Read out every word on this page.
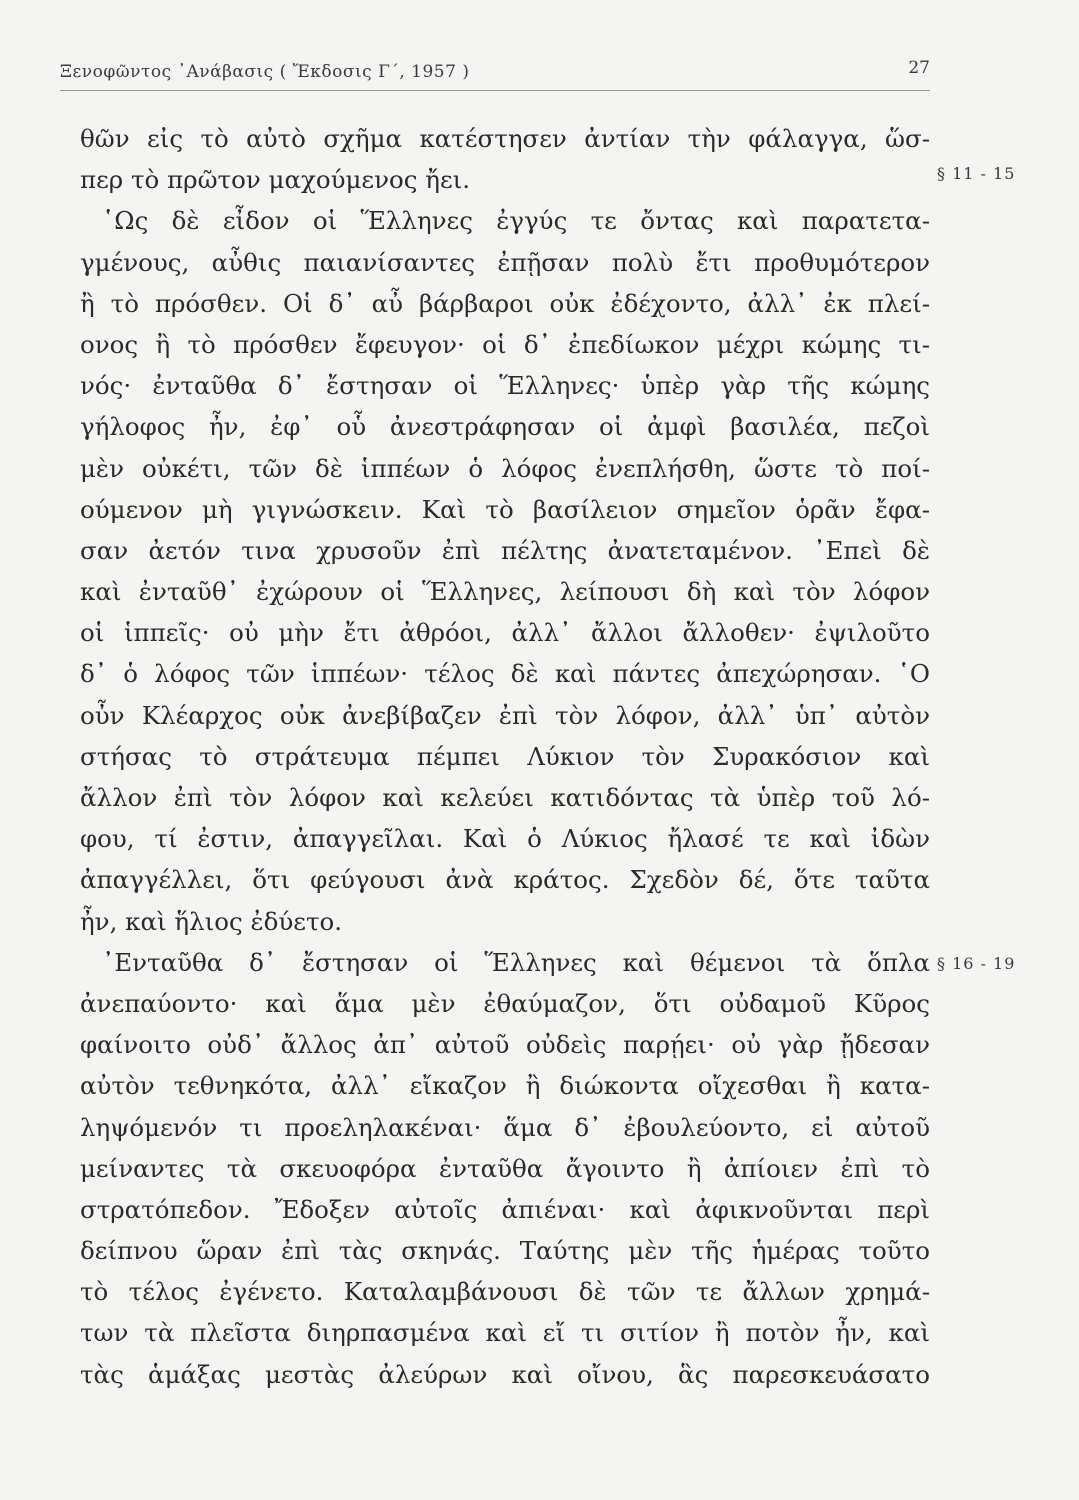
Ξενοφῶντος ᾿Ανάβασις ( Ἔκδοσις Γ΄, 1957 )	27
§ 11 - 15
§ 16 - 19
θῶν εἰς τὸ αὐτὸ σχῆμα κατέστησεν ἀντίαν τὴν φάλαγγα, ὥσ-
περ τὸ πρῶτον μαχούμενος ἤει.
῾Ως δὲ εἶδον οἱ Ἕλληνες ἐγγύς τε ὄντας καὶ παρατετα-
γμένους, αὖθις παιανίσαντες ἐπῇσαν πολὺ ἔτι προθυμότερον
ἢ τὸ πρόσθεν. Οἱ δ᾿ αὖ βάρβαροι οὐκ ἐδέχοντο, ἀλλ᾿ ἐκ πλεί-
ονος ἢ τὸ πρόσθεν ἔφευγον· οἱ δ᾿ ἐπεδίωκον μέχρι κώμης τι-
νός· ἐνταῦθα δ᾿ ἔστησαν οἱ Ἕλληνες· ὑπὲρ γὰρ τῆς κώμης
γήλοφος ἦν, ἐφ᾿ οὗ ἀνεστράφησαν οἱ ἀμφὶ βασιλέα, πεζοὶ
μὲν οὐκέτι, τῶν δὲ ἱππέων ὁ λόφος ἐνεπλήσθη, ὥστε τὸ ποί-
ούμενον μὴ γιγνώσκειν. Καὶ τὸ βασίλειον σημεῖον ὁρᾶν ἔφα-
σαν ἀετόν τινα χρυσοῦν ἐπὶ πέλτης ἀνατεταμένον. ᾿Επεὶ δὲ
καὶ ἐνταῦθ᾿ ἐχώρουν οἱ Ἕλληνες, λείπουσι δὴ καὶ τὸν λόφον
οἱ ἱππεῖς· οὐ μὴν ἔτι ἀθρόοι, ἀλλ᾿ ἄλλοι ἄλλοθεν· ἐψιλοῦτο
δ᾿ ὁ λόφος τῶν ἱππέων· τέλος δὲ καὶ πάντες ἀπεχώρησαν. ῾Ο
οὖν Κλέαρχος οὐκ ἀνεβίβαζεν ἐπὶ τὸν λόφον, ἀλλ᾿ ὑπ᾿ αὐτὸν
στήσας τὸ στράτευμα πέμπει Λύκιον τὸν Συρακόσιον καὶ
ἄλλον ἐπὶ τὸν λόφον καὶ κελεύει κατιδόντας τὰ ὑπὲρ τοῦ λό-
φου, τί ἐστιν, ἀπαγγεῖλαι. Καὶ ὁ Λύκιος ἤλασέ τε καὶ ἰδὼν
ἀπαγγέλλει, ὅτι φεύγουσι ἀνὰ κράτος. Σχεδὸν δέ, ὅτε ταῦτα
ἦν, καὶ ἥλιος ἐδύετο.
᾿Ενταῦθα δ᾿ ἔστησαν οἱ Ἕλληνες καὶ θέμενοι τὰ ὅπλα
ἀνεπαύοντο· καὶ ἅμα μὲν ἐθαύμαζον, ὅτι οὐδαμοῦ Κῦρος
φαίνοιτο οὐδ᾿ ἄλλος ἀπ᾿ αὐτοῦ οὐδεὶς παρῄει· οὐ γὰρ ᾔδεσαν
αὐτὸν τεθνηκότα, ἀλλ᾿ εἴκαζον ἢ διώκοντα οἴχεσθαι ἢ κατα-
ληψόμενόν τι προεληλακέναι· ἅμα δ᾿ ἐβουλεύοντο, εἰ αὐτοῦ
μείναντες τὰ σκευοφόρα ἐνταῦθα ἄγοιντο ἢ ἀπίοιεν ἐπὶ τὸ
στρατόπεδον. Ἔδοξεν αὐτοῖς ἀπιέναι· καὶ ἀφικνοῦνται περὶ
δείπνου ὥραν ἐπὶ τὰς σκηνάς. Ταύτης μὲν τῆς ἡμέρας τοῦτο
τὸ τέλος ἐγένετο. Καταλαμβάνουσι δὲ τῶν τε ἄλλων χρημά-
των τὰ πλεῖστα διηρπασμένα καὶ εἴ τι σιτίον ἢ ποτὸν ἦν, καὶ
τὰς ἁμάξας μεστὰς ἀλεύρων καὶ οἴνου, ἃς παρεσκευάσατο
